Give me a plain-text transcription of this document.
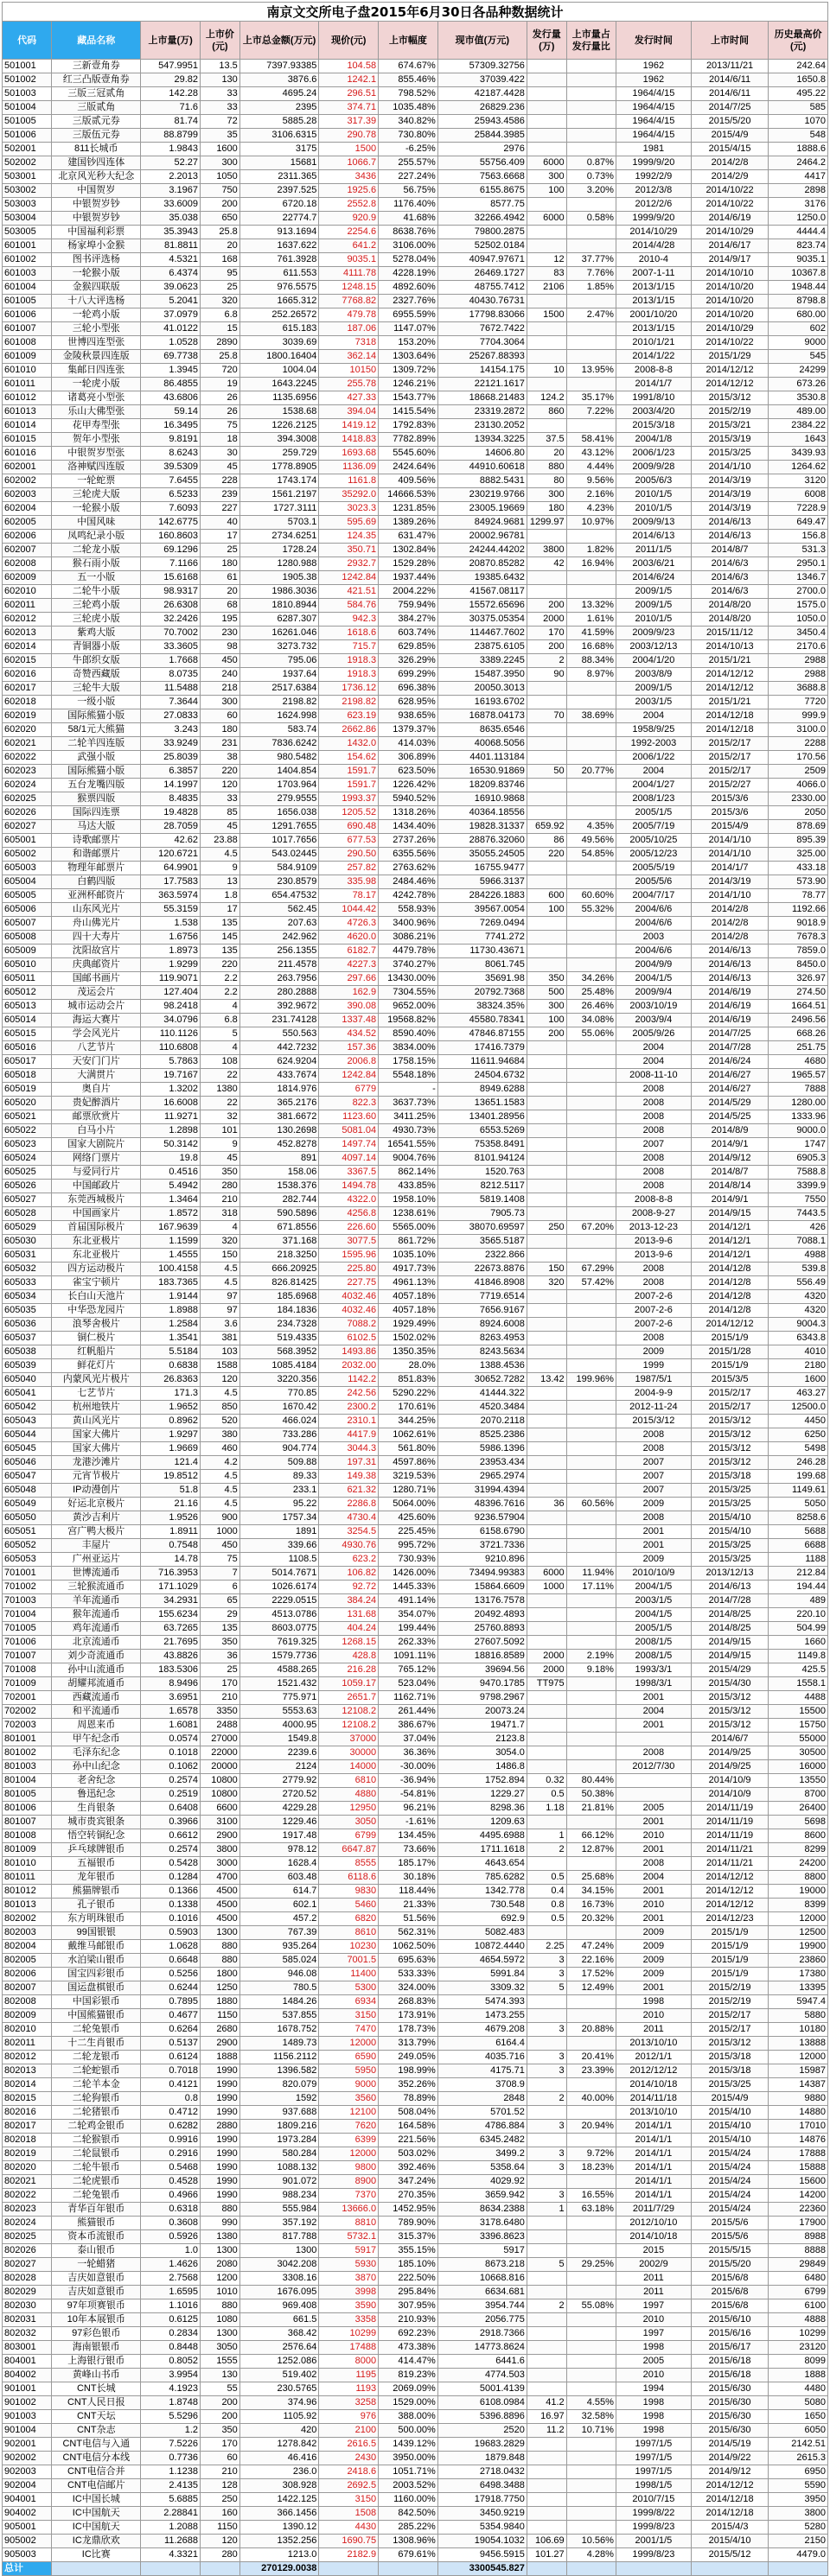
南京文交所电子盘2015年6月30日各品种数据统计
代码	藏品名称	上市量(万)	上市价(元)	上市总金额(万元)	现价(元)	上市幅度	现市值(万元)	发行量(万)	上市量占发行量比	发行时间	上市时间	历史最高价(元)
501001	三新壹角券	547.9951	13.5	7397.93385	104.58	674.67%	57309.32756			1962	2013/11/21	242.64
501002	红三凸版壹角券	29.82	130	3876.6	1242.1	855.46%	37039.422			1962	2014/6/11	1650.8
501003	三版三冠贰角	142.28	33	4695.24	296.51	798.52%	42187.4428			1964/4/15	2014/6/11	495.22
501004	三版贰角	71.6	33	2395	374.71	1035.48%	26829.236			1964/4/15	2014/7/25	585
501005	三版贰元券	81.74	72	5885.28	317.39	340.82%	25943.4586			1964/4/15	2015/5/20	1070
501006	三版伍元券	88.8799	35	3106.6315	290.78	730.80%	25844.3985			1964/4/15	2015/4/9	548
502001	811长城币	1.9843	1600	3175	1500	-6.25%	2976			1981	2015/4/15	1888.6
502002	建国钞四连体	52.27	300	15681	1066.7	255.57%	55756.409	6000	0.87%	1999/9/20	2014/2/8	2464.2
503001	北京风光秒大纪念	2.2013	1050	2311.365	3436	227.24%	7563.6668	300	0.73%	1992/2/9	2014/2/9	4417
503002	中国贺岁	3.1967	750	2397.525	1925.6	56.75%	6155.8675	100	3.20%	2012/3/8	2014/10/22	2898
503003	中银贺岁钞	33.6009	200	6720.18	2552.8	1176.40%	8577.75			2012/2/6	2014/10/22	3176
503004	中银贺岁钞	35.038	650	22774.7	920.9	41.68%	32266.4942	6000	0.58%	1999/9/20	2014/6/19	1250.0
503005	中国福利彩票	35.3943	25.8	913.1694	2254.6	8638.76%	79800.2875			2014/10/29	2014/10/29	4444.4
601001	杨家埠小金猴	81.8811	20	1637.622	641.2	3106.00%	52502.0184			2014/4/28	2014/6/17	823.74
601002	图书评选杨	4.5321	168	761.3928	9035.1	5278.04%	40947.97671	12	37.77%	2010-4	2014/9/17	9035.1
601003	一轮猴小版	6.4374	95	611.553	4111.78	4228.19%	26469.1727	83	7.76%	2007-1-11	2014/10/10	10367.8
601004	金猴四联版	39.0623	25	976.5575	1248.15	4892.60%	48755.7412	2106	1.85%	2013/1/15	2014/10/20	1948.44
601005	十八大评选杨	5.2041	320	1665.312	7768.82	2327.76%	40430.76731			2013/1/15	2014/10/20	8798.8
601006	一轮鸡小版	37.0979	6.8	252.26572	479.78	6955.59%	17798.83066	1500	2.47%	2001/10/20	2014/10/20	680.00
601007	三轮小型张	41.0122	15	615.183	187.06	1147.07%	7672.7422			2013/1/15	2014/10/29	602
601008	世博四连型张	1.0528	2890	3039.69	7318	153.20%	7704.3064			2010/1/21	2014/10/22	9000
601009	金陵秋景四连版	69.7738	25.8	1800.16404	362.14	1303.64%	25267.88393			2014/1/22	2015/1/29	545
601010	集邮日四连张	1.3945	720	1004.04	10150	1309.72%	14154.175	10	13.95%	2008-8-8	2014/12/12	24299
601011	一轮虎小版	86.4855	19	1643.2245	255.78	1246.21%	22121.1617			2014/1/7	2014/12/12	673.26
601012	诸葛亮小型张	43.6806	26	1135.6956	427.33	1543.77%	18668.21483	124.2	35.17%	1991/8/10	2015/3/12	3530.8
601013	乐山大佛型张	59.14	26	1538.68	394.04	1415.54%	23319.2872	860	7.22%	2003/4/20	2015/2/19	489.00
601014	花甲寿型张	16.3495	75	1226.2125	1419.12	1792.83%	23130.2052			2015/3/18	2015/3/21	2384.22
601015	贺年小型张	9.8191	18	394.3008	1418.83	7782.89%	13934.3225	37.5	58.41%	2004/1/8	2015/3/19	1643
601016	中银贺岁型张	8.6243	30	259.729	1693.68	5545.60%	14606.80	20	43.12%	2006/1/23	2015/3/25	3439.93
602001	洛神赋四连版	39.5309	45	1778.8905	1136.09	2424.64%	44910.60618	880	4.44%	2009/9/28	2014/1/10	1264.62
602002	一轮蛇票	7.6455	228	1743.174	1161.8	409.56%	8882.5431	80	9.56%	2005/6/3	2014/3/19	3120
602003	三轮虎大版	6.5233	239	1561.2197	35292.0	14666.53%	230219.9766	300	2.16%	2010/1/5	2014/3/19	6008
602004	一轮猴小版	7.6093	227	1727.3111	3023.3	1231.85%	23005.19669	180	4.23%	2010/1/5	2014/3/19	7228.9
602005	中国风味	142.6775	40	5703.1	595.69	1389.26%	84924.9681	1299.97	10.97%	2009/9/13	2014/6/13	649.47
602006	凤鸣纪录小版	160.8603	17	2734.6251	124.35	631.47%	20002.96781			2014/6/13	2014/6/13	156.8
602007	二轮龙小版	69.1296	25	1728.24	350.71	1302.84%	24244.44202	3800	1.82%	2011/1/5	2014/8/7	531.3
602008	猴石雨小版	7.1166	180	1280.988	2932.7	1529.28%	20870.85282	42	16.94%	2003/6/21	2014/6/3	2950.1
602009	五一小版	15.6168	61	1905.38	1242.84	1937.44%	19385.6432			2014/6/24	2014/6/3	1346.7
602010	二轮牛小版	98.9317	20	1986.3036	421.51	2004.22%	41567.08117			2009/1/5	2014/6/3	2700.0
602011	三轮鸡小版	26.6308	68	1810.8944	584.76	759.94%	15572.65696	200	13.32%	2009/1/5	2014/8/20	1575.0
602012	三轮虎小版	32.2426	195	6287.307	942.3	384.27%	30375.05354	2000	1.61%	2010/1/5	2014/8/20	1050.0
602013	紫鸡大版	70.7002	230	16261.046	1618.6	603.74%	114467.7602	170	41.59%	2009/9/23	2015/11/12	3450.4
602014	青铜器小版	33.3605	98	3273.732	715.7	629.85%	23875.6105	200	16.68%	2003/12/13	2014/10/13	2170.6
602015	牛郎织女版	1.7668	450	795.06	1918.3	326.29%	3389.2245	2	88.34%	2004/1/20	2015/1/21	2988
602016	奇赞西藏版	8.0735	240	1937.64	1918.3	699.29%	15487.3950	90	8.97%	2003/8/9	2014/12/12	2988
602017	三轮牛大版	11.5488	218	2517.6384	1736.12	696.38%	20050.3013			2009/1/5	2014/12/12	3688.8
602018	一级小版	7.3644	300	2198.82	2198.82	628.95%	16193.6702			2003/1/5	2015/1/21	7720
602019	国际熊猫小版	27.0833	60	1624.998	623.19	938.65%	16878.04173	70	38.69%	2004	2014/12/18	999.9
602020	58/1元大熊猫	3.243	180	583.74	2662.86	1379.37%	8635.6546			1958/9/25	2014/12/18	3100.0
602021	二轮羊四连版	33.9249	231	7836.6242	1432.0	414.03%	40068.5056			1992-2003	2015/2/17	2288
602022	武强小版	25.8039	38	980.5482	154.62	306.89%	4401.113184			2006/1/22	2015/2/17	170.56
602023	国际熊猫小版	6.3857	220	1404.854	1591.7	623.50%	16530.91869	50	20.77%	2004	2015/2/17	2509
602024	五台龙嘴四版	14.1997	120	1703.964	1591.7	1226.42%	18209.83746			2004/1/27	2015/2/27	4066.0
602025	猴票四版	8.4835	33	279.9555	1993.37	5940.52%	16910.9868			2008/1/23	2015/3/6	2330.00
602026	国际四连票	19.4828	85	1656.038	1205.52	1318.26%	40364.18556			2005/1/5	2015/3/6	2050
602027	马达大版	28.7059	45	1291.7655	690.48	1434.40%	19828.31337	659.92	4.35%	2005/7/19	2015/4/9	878.69
605001	诗歌邮票片	42.62	23.88	1017.7656	677.53	2737.26%	28876.32060	86	49.56%	2005/10/25	2014/1/10	895.39
605002	和谐邮票片	120.6721	4.5	543.02445	290.50	6355.56%	35055.24505	220	54.85%	2005/12/23	2014/1/10	325.00
605003	物理年邮票片	64.9901	9	584.9109	257.82	2763.62%	16755.9477			2005/5/19	2014/1/7	433.18
605004	白鹤四版	17.7583	13	230.8579	335.98	2484.46%	5966.3137			2005/5/6	2014/3/19	573.90
605005	亚洲杯邮资片	363.5974	1.8	654.47532	78.17	4242.78%	284226.1883	600	60.60%	2004/7/17	2014/1/10	78.77
605006	山东风光片	55.3159	17	562.45	1044.42	558.93%	39567.0054	100	55.32%	2004/6/6	2014/2/8	1192.66
605007	舟山佛光片	1.538	135	207.63	4726.3	3400.96%	7269.0494			2004/6/6	2014/2/8	9018.9
605008	四十大寿片	1.6756	145	242.962	4620.0	3086.21%	7741.272			2003	2014/2/8	7678.3
605009	沈阳故宫片	1.8973	135	256.1355	6182.7	4479.78%	11730.43671			2004/6/6	2014/6/13	7859.0
605010	庆典邮资片	1.9299	220	211.4578	4227.3	3740.27%	8061.745			2004/9/9	2014/6/13	8450.0
605011	国邮书画片	119.9071	2.2	263.7956	297.66	13430.00%	35691.98	350	34.26%	2004/1/5	2014/6/13	326.97
605012	茂运会片	127.404	2.2	280.2888	162.9	7304.55%	20792.7368	500	25.48%	2009/9/4	2014/6/19	274.50
605013	城市运动会片	98.2418	4	392.9672	390.08	9652.00%	38324.35%	300	26.46%	2003/10/19	2014/6/19	1664.51
605014	海运大赛片	34.0796	6.8	231.74128	1337.48	19568.82%	45580.78341	100	34.08%	2003/9/4	2014/6/19	2496.56
605015	学会风光片	110.1126	5	550.563	434.52	8590.40%	47846.87155	200	55.06%	2005/9/26	2014/7/25	668.26
605016	八艺节片	110.6808	4	442.7232	157.36	3834.00%	17416.7379			2004	2014/7/28	251.75
605017	天安门门片	5.7863	108	624.9204	2006.8	1758.15%	11611.94684			2004	2014/6/24	4680
605018	大满贯片	19.7167	22	433.7674	1242.84	5548.18%	24504.6732			2008-11-10	2014/6/27	1965.57
605019	奥自片	1.3202	1380	1814.976	6779	-	8949.6288			2008	2014/6/27	7888
605020	贵妃醉酒片	16.6008	22	365.2176	822.3	3637.73%	13651.1583			2008	2014/5/29	1280.00
605021	邮票欣赏片	11.9271	32	381.6672	1123.60	3411.25%	13401.28956			2008	2014/5/25	1333.96
605022	白马小片	1.2898	101	130.2698	5081.04	4930.73%	6553.5269			2008	2014/8/9	9000.0
605023	国家大剧院片	50.3142	9	452.8278	1497.74	16541.55%	75358.8491			2007	2014/9/1	1747
605024	网络门票片	19.8	45	891	4097.14	9004.76%	8101.94124			2008	2014/9/12	6905.3
605025	与爱同行片	0.4516	350	158.06	3367.5	862.14%	1520.763			2008	2014/8/7	7588.8
605026	中国邮政片	5.4942	280	1538.376	1494.78	433.85%	8212.5117			2008	2014/8/14	3399.9
605027	东莞西城极片	1.3464	210	282.744	4322.0	1958.10%	5819.1408			2008-8-8	2014/9/1	7550
605028	中国画家片	1.8572	318	590.5896	4256.8	1238.61%	7905.73			2008-9-27	2014/9/15	7443.5
605029	首届国际极片	167.9639	4	671.8556	226.60	5565.00%	38070.69597	250	67.20%	2013-12-23	2014/12/1	426
605030	东北亚极片	1.1599	320	371.168	3077.5	861.72%	3565.5187			2013-9-6	2014/12/1	7088.1
605031	东北亚极片	1.4555	150	218.3250	1595.96	1035.10%	2322.866			2013-9-6	2014/12/1	4988
605032	四方运动极片	100.4158	4.5	666.20925	225.80	4917.73%	22673.8876	150	67.29%	2008	2014/12/8	539.8
605033	雀宝宁顿片	183.7365	4.5	826.81425	227.75	4961.13%	41846.8908	320	57.42%	2008	2014/12/8	556.49
605034	长白山天池片	1.9144	97	185.6968	4032.46	4057.18%	7719.6514			2007-2-6	2014/12/8	4320
605035	中华恐龙园片	1.8988	97	184.1836	4032.46	4057.18%	7656.9167			2007-2-6	2014/12/8	4320
605036	浪琴舍极片	1.2584	3.6	234.7328	7088.2	1929.49%	8924.6008			2007-2-6	2014/12/12	9004.3
605037	铜仁极片	1.3541	381	519.4335	6102.5	1502.02%	8263.4953			2008	2015/1/9	6343.8
605038	红帆船片	5.5184	103	568.3952	1493.86	1350.35%	8243.5634			2009	2015/1/28	4010
605039	鲜花灯片	0.6838	1588	1085.4184	2032.00	28.0%	1388.4536			1999	2015/1/9	2180
605040	内蒙风光片极片	26.8363	120	3220.356	1142.2	851.83%	30652.7282	13.42	199.96%	1987/5/1	2015/3/5	1600
605041	七艺节片	171.3	4.5	770.85	242.56	5290.22%	41444.322			2004-9-9	2015/2/17	463.27
605042	杭州地铁片	1.9652	850	1670.42	2300.2	170.61%	4520.3484			2012-11-24	2015/2/17	12500.0
605043	黄山风光片	0.8962	520	466.024	2310.1	344.25%	2070.2118			2015/3/12	2015/3/12	4450
605044	国家大佛片	1.9297	380	733.286	4417.9	1062.61%	8525.2386			2008	2015/3/12	6250
605045	国家大佛片	1.9669	460	904.774	3044.3	561.80%	5986.1396			2008	2015/3/12	5498
605046	龙港沙滩片	121.4	4.2	509.88	197.31	4597.86%	23953.434			2007	2015/3/12	246.28
605047	元宵节极片	19.8512	4.5	89.33	149.38	3219.53%	2965.2974			2007	2015/3/18	199.68
605048	IP动漫创片	51.8	4.5	233.1	621.32	1280.71%	31994.4394			2007	2015/3/25	1149.61
605049	好运北京极片	21.16	4.5	95.22	2286.8	5064.00%	48396.7616	36	60.56%	2009	2015/3/25	5050
605050	黄沙吉利片	1.9526	900	1757.34	4730.4	425.60%	9236.57904			2008	2015/4/10	8258.6
605051	宫广鸭大极片	1.8911	1000	1891	3254.5	225.45%	6158.6790			2001	2015/4/10	5688
605052	丰屋片	0.7548	450	339.66	4930.76	995.72%	3721.7336			2001	2015/3/25	6688
605053	广州亚运片	14.78	75	1108.5	623.2	730.93%	9210.896			2009	2015/3/25	1188
701001	世博流通币	716.3953	7	5014.7671	106.82	1426.00%	73494.99383	6000	11.94%	2010/10/9	2013/12/13	212.84
701002	三轮猴流通币	171.1029	6	1026.6174	92.72	1445.33%	15864.6609	1000	17.11%	2004/1/5	2014/6/13	194.44
701003	羊年流通币	34.2931	65	2229.0515	384.24	491.14%	13176.7578			2003/1/5	2014/7/28	489
701004	猴年流通币	155.6234	29	4513.0786	131.68	354.07%	20492.4893			2004/1/5	2014/8/25	220.10
701005	鸡年流通币	63.7265	135	8603.0775	404.24	199.44%	25760.8893			2005/1/5	2014/8/25	504.99
701006	北京流通币	21.7695	350	7619.325	1268.15	262.33%	27607.5092			2008/1/5	2014/9/15	1660
701007	刘少奇流通币	43.8826	36	1579.7736	428.8	1091.11%	18816.8589	2000	2.19%	2008/1/5	2014/9/15	1149.8
701008	孙中山流通币	183.5306	25	4588.265	216.28	765.12%	39694.56	2000	9.18%	1993/3/1	2015/4/29	425.5
701009	胡耀邦流通币	8.9496	170	1521.432	1059.17	523.04%	9470.1785	TT975		1998/3/1	2015/4/30	1558.1
702001	西藏流通币	3.6951	210	775.971	2651.7	1162.71%	9798.2967			2001	2015/3/12	4488
702002	和平流通币	1.6578	3350	5553.63	12108.2	261.44%	20073.24			2004	2015/3/12	15500
702003	周恩来币	1.6081	2488	4000.95	12108.2	386.67%	19471.7			2001	2015/3/12	15750
801001	甲午纪念币	0.0574	27000	1549.8	37000	37.04%	2123.8				2014/6/7	55000
801002	毛泽东纪念	0.1018	22000	2239.6	30000	36.36%	3054.0			2008	2014/9/25	30500
801003	孙中山纪念	0.1062	20000	2124	14000	-30.00%	1486.8			2012/7/30	2014/9/25	16000
801004	老舍纪念	0.2574	10800	2779.92	6810	-36.94%	1752.894	0.32	80.44%		2014/10/9	13550
801005	鲁迅纪念	0.2519	10800	2720.52	4880	-54.81%	1229.27	0.5	50.38%		2014/10/9	8700
801006	生肖银条	0.6408	6600	4229.28	12950	96.21%	8298.36	1.18	21.81%	2005	2014/11/19	26400
801007	城市贵宾银条	0.3966	3100	1229.46	3050	-1.61%	1209.63			2001	2014/11/19	5698
801008	悟空转铜纪念	0.6612	2900	1917.48	6799	134.45%	4495.6988	1	66.12%	2010	2014/11/19	8600
801009	乒乓球牌银币	0.2574	3800	978.12	6647.87	73.66%	1711.1618	2	12.87%	2001	2014/11/21	8299
801010	五福银币	0.5428	3000	1628.4	8555	185.17%	4643.654			2008	2014/11/21	24200
801011	龙年银币	0.1284	4700	603.48	6118.6	30.18%	785.6282	0.5	25.68%	2004	2014/12/12	8800
801012	熊猫牌银币	0.1366	4500	614.7	9830	118.44%	1342.778	0.4	34.15%	2001	2014/12/12	19000
801013	孔子银币	0.1338	4500	602.1	5460	21.33%	730.548	0.8	16.73%	2010	2014/12/12	8399
802002	东方明珠银币	0.1016	4500	457.2	6820	51.56%	692.9	0.5	20.32%	2001	2014/12/23	12000
802003	99国银银	0.5903	1300	767.39	8610	562.31%	5082.483			2009	2015/1/9	12500
802004	戴维马邮银币	1.0628	880	935.264	10230	1062.50%	10872.4440	2.25	47.24%	2009	2015/1/9	19900
802005	水泊梁山银币	0.6648	880	585.024	7001.5	695.63%	4654.5972	3	22.16%	2009	2015/1/9	23860
802006	国宝四彩银币	0.5256	1800	946.08	11400	533.33%	5991.84	3	17.52%	2009	2015/1/9	17380
802007	国运盘棋银币	0.6244	1250	780.5	5300	324.00%	3309.32	5	12.49%	2001	2015/2/19	13395
802008	中国彩银币	0.7895	1880	1484.26	6934	268.83%	5474.393			1998	2015/2/19	5947.4
802009	中国熊猫银币	0.4677	1150	537.855	3150	173.91%	1473.255			2010	2015/2/17	5880
802010	二轮兔银币	0.6264	2680	1678.752	7470	178.73%	4679.208	3	20.88%	2011	2015/2/17	10180
802011	十二生肖银币	0.5137	2900	1489.73	12000	313.79%	6164.4			2013/10/10	2015/3/12	13888
802012	二轮龙银币	0.6124	1888	1156.2112	6590	249.05%	4035.716	3	20.41%	2012/1/1	2015/3/18	12000
802013	二轮蛇银币	0.7018	1990	1396.582	5950	198.99%	4175.71	3	23.39%	2012/12/12	2015/3/18	15987
802014	二轮羊本金	0.4121	1990	820.079	9000	352.26%	3708.9			2014/10/18	2015/3/25	14387
802015	二轮狗银币	0.8	1990	1592	3560	78.89%	2848	2	40.00%	2014/11/18	2015/4/9	9880
802016	二轮猪银币	0.4712	1990	937.688	12100	508.04%	5701.52			2013/10/10	2015/4/10	14880
802017	二轮鸡金银币	0.6282	2880	1809.216	7620	164.58%	4786.884	3	20.94%	2014/1/1	2015/4/10	17010
802018	二轮猴银币	0.9916	1990	1973.284	6399	221.56%	6345.2482			2014/1/1	2015/4/10	14876
802019	二轮鼠银币	0.2916	1990	580.284	12000	503.02%	3499.2	3	9.72%	2014/1/1	2015/4/24	17888
802020	二轮牛银币	0.5468	1990	1088.132	9800	392.46%	5358.64	3	18.23%	2014/1/1	2015/4/24	15888
802021	二轮虎银币	0.4528	1990	901.072	8900	347.24%	4029.92			2014/1/1	2015/4/24	15600
802022	二轮兔银币	0.4966	1990	988.234	7370	270.35%	3659.942	3	16.55%	2014/1/1	2015/4/24	14200
802023	青华百年银币	0.6318	880	555.984	13666.0	1452.95%	8634.2388	1	63.18%	2011/7/29	2015/4/24	22360
802024	熊猫银币	0.3608	990	357.192	8810	789.90%	3178.6480			2012/10/10	2015/5/6	17900
802025	资本币流银币	0.5926	1380	817.788	5732.1	315.37%	3396.8623			2014/10/18	2015/5/6	8988
802026	泰山银币	1.0	1300	1300	5917	355.15%	5917			2015	2015/5/15	8888
802027	一轮蜡猪	1.4626	2080	3042.208	5930	185.10%	8673.218	5	29.25%	2002/9	2015/5/20	29849
802028	吉庆如意银币	2.7568	1200	3308.16	3870	222.50%	10668.816			2011	2015/6/8	6480
802029	吉庆如意银币	1.6595	1010	1676.095	3998	295.84%	6634.681			2011	2015/6/8	6799
802030	97年项赛银币	1.1016	880	969.408	3590	307.95%	3954.744	2	55.08%	1997	2015/6/8	6100
802031	10年本展银币	0.6125	1080	661.5	3358	210.93%	2056.775			2010	2015/6/10	4888
802032	97彩色银币	0.2834	1300	368.42	10299	692.23%	2918.7366			1997	2015/6/16	10299
803001	海南银银币	0.8448	3050	2576.64	17488	473.38%	14773.8624			1998	2015/6/17	23120
804001	上海银行银币	0.8052	1555	1252.086	8000	414.47%	6441.6			2005	2015/6/18	8099
804002	黄峰山书币	3.9954	130	519.402	1195	819.23%	4774.503			2010	2015/6/18	1888
901001	CNT长城	4.1923	55	230.5765	1193	2069.09%	5001.4139			1994	2015/6/30	4480
901002	CNT人民日报	1.8748	200	374.96	3258	1529.00%	6108.0984	41.2	4.55%	1998	2015/6/30	5080
901003	CNT天坛	5.5296	200	1105.92	976	388.00%	5396.8896	16.97	32.58%	1998	2015/6/30	1650
901004	CNT杂志	1.2	350	420	2100	500.00%	2520	11.2	10.71%	1998	2015/6/30	6050
902001	CNT电信与入通	7.5226	170	1278.842	2616.5	1439.12%	19683.2829			1997/1/5	2014/5/19	2142.51
902002	CNT电信分本线	0.7736	60	46.416	2430	3950.00%	1879.848			1997/1/5	2014/9/22	2615.3
902003	CNT电信合并	1.1238	210	236.0	2418.6	1051.71%	2718.0432			1997/1/5	2014/9/12	6950
902004	CNT电信邮片	2.4135	128	308.928	2692.5	2003.52%	6498.3488			1998/1/5	2014/12/12	5590
904001	IC中国长城	5.6885	250	1422.125	3150	1160.00%	17918.7750			2010/7/15	2014/12/18	3950
904002	IC中国航天	2.28841	160	366.1456	1508	842.50%	3450.9219			1999/8/22	2014/12/18	3800
905001	IC中国航天	1.2088	1150	1390.12	4430	285.22%	5354.9840			1999/8/23	2015/4/3	5280
905002	IC龙鼎欣欢	11.2688	120	1352.256	1690.75	1308.96%	19054.1032	106.69	10.56%	2001/1/5	2015/4/10	2150
905003	IC比赛	4.3321	280	1213.0	2182.9	679.61%	9456.5915	101.27	4.28%	1999/8/23	2015/5/12	4479.0
总计				270129.0038			3300545.827					
